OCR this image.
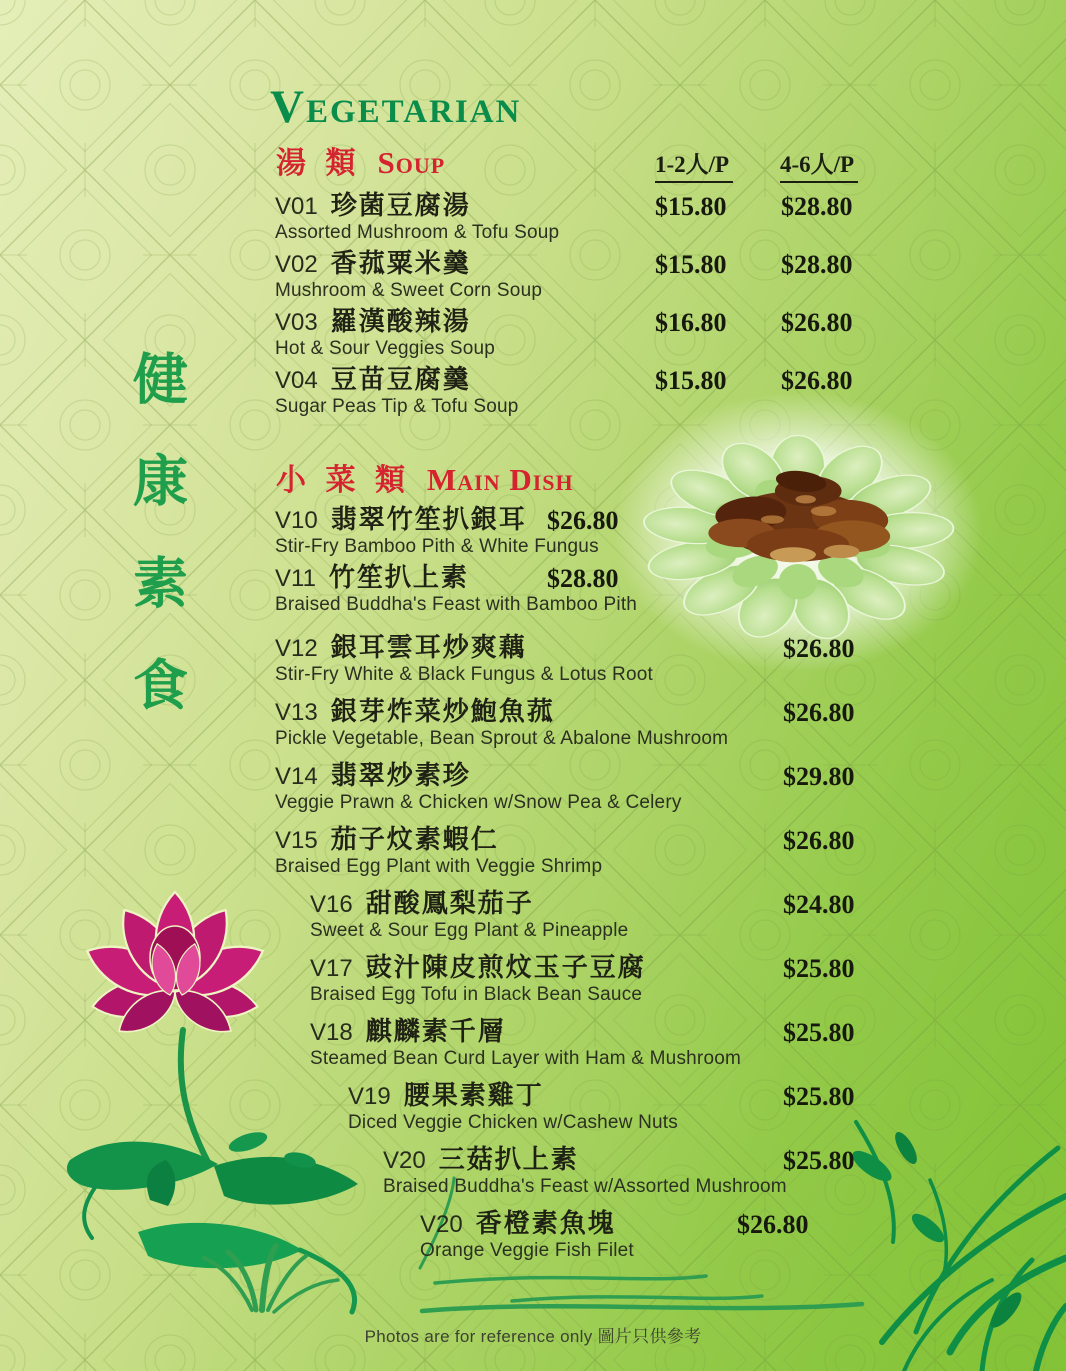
Vegetarian
健康素食
湯 類 Soup	1-2人/P 4-6人/P
V01 珍菌豆腐湯
Assorted Mushroom & Tofu Soup
$15.80 $28.80
V02 香菰粟米羹
Mushroom & Sweet Corn Soup
$15.80 $28.80
V03 羅漢酸辣湯
Hot & Sour Veggies Soup
$16.80 $26.80
V04 豆苗豆腐羹
Sugar Peas Tip & Tofu Soup
$15.80 $26.80
小 菜 類 Main Dish
V10 翡翠竹笙扒銀耳
Stir-Fry Bamboo Pith & White Fungus
$26.80
V11 竹笙扒上素
Braised Buddha's Feast with Bamboo Pith
$28.80
V12 銀耳雲耳炒爽藕
Stir-Fry White & Black Fungus & Lotus Root
$26.80
V13 銀芽炸菜炒鮑魚菰
Pickle Vegetable, Bean Sprout & Abalone Mushroom
$26.80
V14 翡翠炒素珍
Veggie Prawn & Chicken w/Snow Pea & Celery
$29.80
V15 茄子炆素蝦仁
Braised Egg Plant with Veggie Shrimp
$26.80
V16 甜酸鳳梨茄子
Sweet & Sour Egg Plant & Pineapple
$24.80
V17 豉汁陳皮煎炆玉子豆腐
Braised Egg Tofu in Black Bean Sauce
$25.80
V18 麒麟素千層
Steamed Bean Curd Layer with Ham & Mushroom
$25.80
V19 腰果素雞丁
Diced Veggie Chicken w/Cashew Nuts
$25.80
V20 三菇扒上素
Braised Buddha's Feast w/Assorted Mushroom
$25.80
V20 香橙素魚塊
Orange Veggie Fish Filet
$26.80
Photos are for reference only 圖片只供參考
